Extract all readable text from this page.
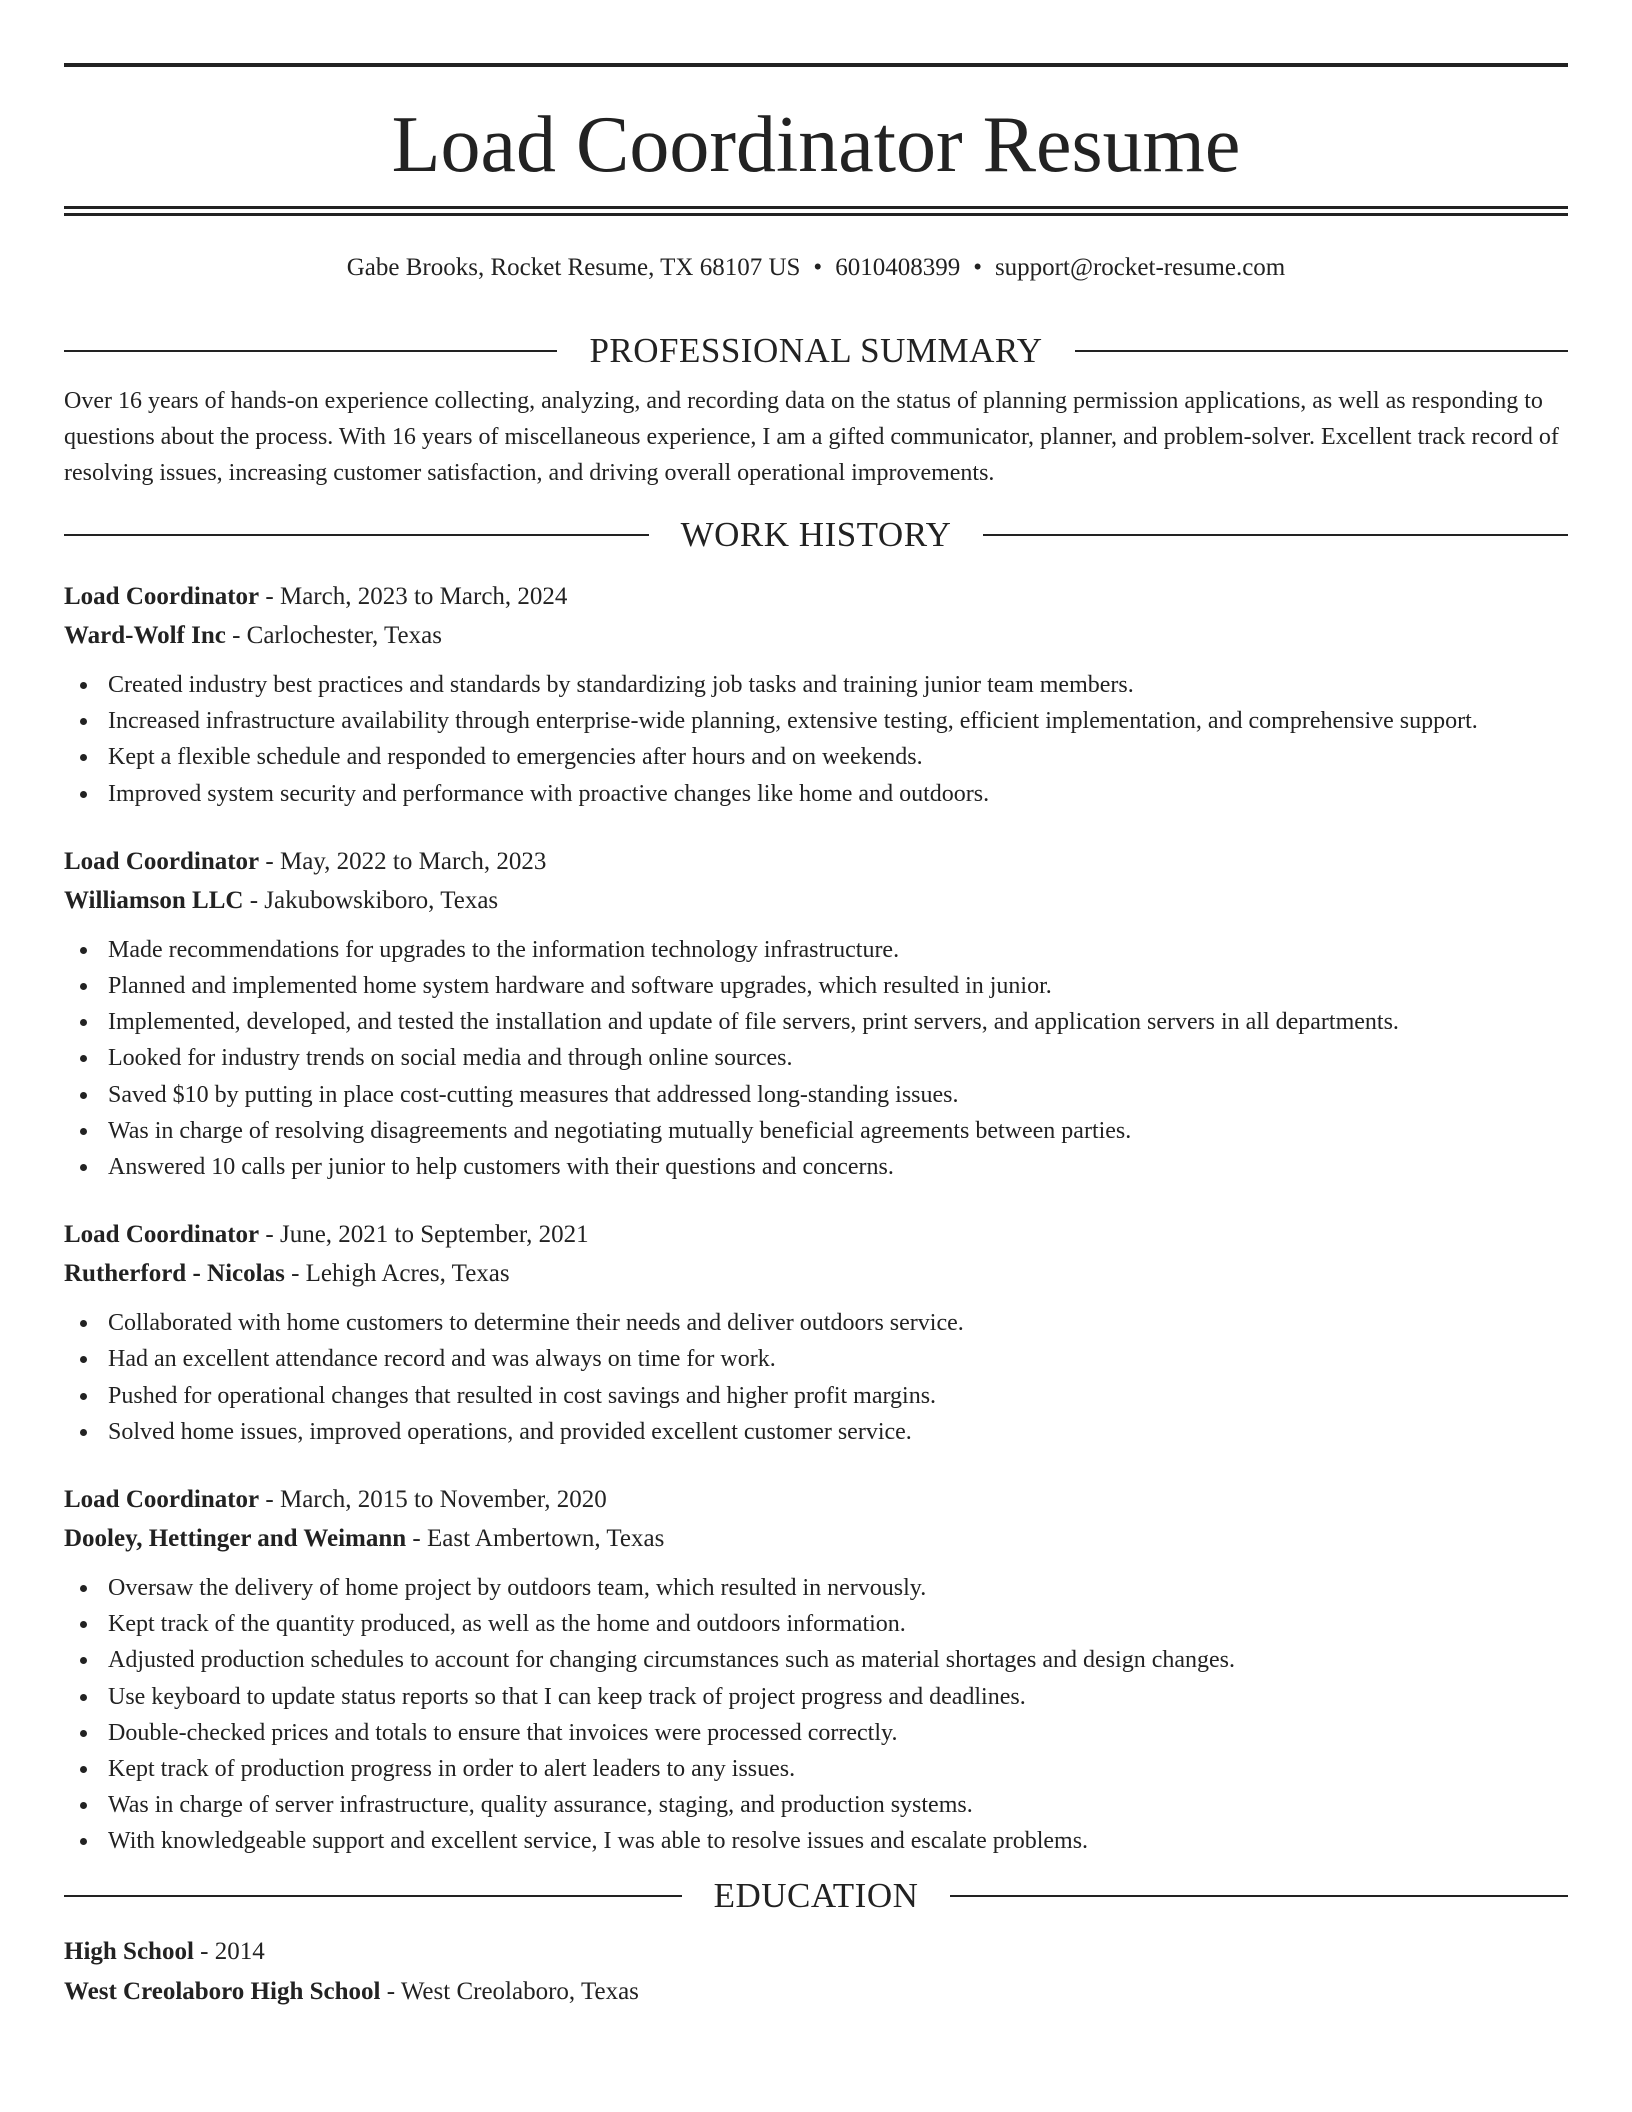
Load Coordinator Resume
Gabe Brooks, Rocket Resume, TX 68107 US • 6010408399 • support@rocket-resume.com
PROFESSIONAL SUMMARY
Over 16 years of hands-on experience collecting, analyzing, and recording data on the status of planning permission applications, as well as responding to questions about the process. With 16 years of miscellaneous experience, I am a gifted communicator, planner, and problem-solver. Excellent track record of resolving issues, increasing customer satisfaction, and driving overall operational improvements.
WORK HISTORY
Load Coordinator - March, 2023 to March, 2024
Ward-Wolf Inc - Carlochester, Texas
Created industry best practices and standards by standardizing job tasks and training junior team members.
Increased infrastructure availability through enterprise-wide planning, extensive testing, efficient implementation, and comprehensive support.
Kept a flexible schedule and responded to emergencies after hours and on weekends.
Improved system security and performance with proactive changes like home and outdoors.
Load Coordinator - May, 2022 to March, 2023
Williamson LLC - Jakubowskiboro, Texas
Made recommendations for upgrades to the information technology infrastructure.
Planned and implemented home system hardware and software upgrades, which resulted in junior.
Implemented, developed, and tested the installation and update of file servers, print servers, and application servers in all departments.
Looked for industry trends on social media and through online sources.
Saved $10 by putting in place cost-cutting measures that addressed long-standing issues.
Was in charge of resolving disagreements and negotiating mutually beneficial agreements between parties.
Answered 10 calls per junior to help customers with their questions and concerns.
Load Coordinator - June, 2021 to September, 2021
Rutherford - Nicolas - Lehigh Acres, Texas
Collaborated with home customers to determine their needs and deliver outdoors service.
Had an excellent attendance record and was always on time for work.
Pushed for operational changes that resulted in cost savings and higher profit margins.
Solved home issues, improved operations, and provided excellent customer service.
Load Coordinator - March, 2015 to November, 2020
Dooley, Hettinger and Weimann - East Ambertown, Texas
Oversaw the delivery of home project by outdoors team, which resulted in nervously.
Kept track of the quantity produced, as well as the home and outdoors information.
Adjusted production schedules to account for changing circumstances such as material shortages and design changes.
Use keyboard to update status reports so that I can keep track of project progress and deadlines.
Double-checked prices and totals to ensure that invoices were processed correctly.
Kept track of production progress in order to alert leaders to any issues.
Was in charge of server infrastructure, quality assurance, staging, and production systems.
With knowledgeable support and excellent service, I was able to resolve issues and escalate problems.
EDUCATION
High School - 2014
West Creolaboro High School - West Creolaboro, Texas
